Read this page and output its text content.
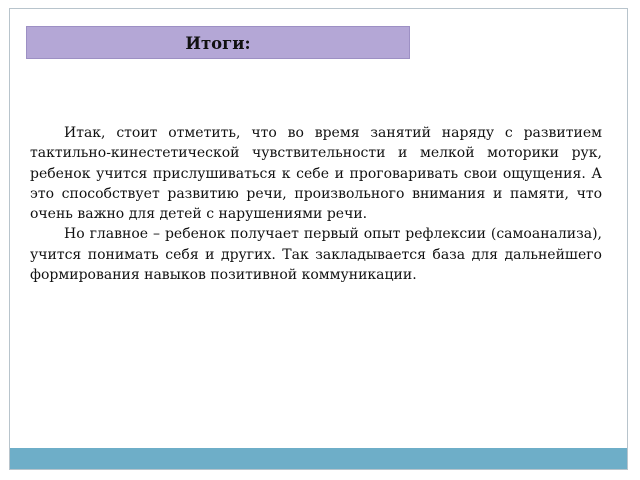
Итоги:

Итак, стоит отметить, что во время занятий наряду с развитием тактильно-кинестетической чувствительности и мелкой моторики рук, ребенок учится прислушиваться к себе и проговаривать свои ощущения. А это способствует развитию речи, произвольного внимания и памяти, что очень важно для детей с нарушениями речи.

Но главное – ребенок получает первый опыт рефлексии (самоанализа), учится понимать себя и других. Так закладывается база для дальнейшего формирования навыков позитивной коммуникации.
